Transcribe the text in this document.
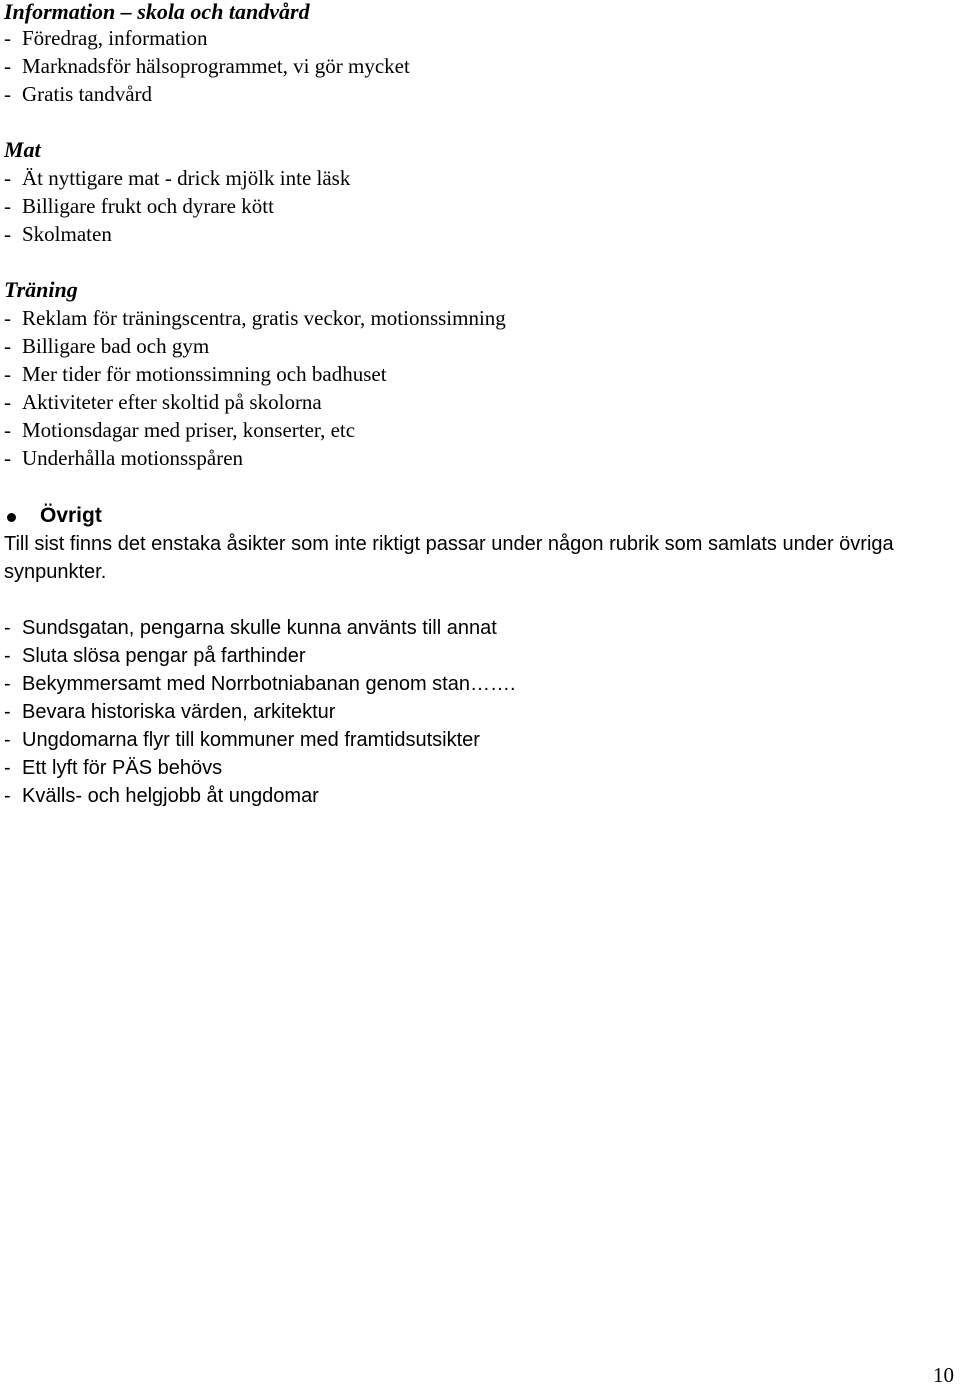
Information – skola och tandvård
- Föredrag, information
- Marknadsför hälsoprogrammet, vi gör mycket
- Gratis tandvård
Mat
- Ät nyttigare mat - drick mjölk inte läsk
- Billigare frukt och dyrare kött
- Skolmaten
Träning
- Reklam för träningscentra, gratis veckor, motionssimning
- Billigare bad och gym
- Mer tider för motionssimning och badhuset
- Aktiviteter efter skoltid på skolorna
- Motionsdagar med priser, konserter, etc
- Underhålla motionsspåren
Övrigt

Till sist finns det enstaka åsikter som inte riktigt passar under någon rubrik som samlats under övriga synpunkter.

- Sundsgatan, pengarna skulle kunna använts till annat
- Sluta slösa pengar på farthinder
- Bekymmersamt med Norrbotniabanan genom stan…….
- Bevara historiska värden, arkitektur
- Ungdomarna flyr till kommuner med framtidsutsikter
- Ett lyft för PÄS behövs
- Kvälls- och helgjobb åt ungdomar
10
